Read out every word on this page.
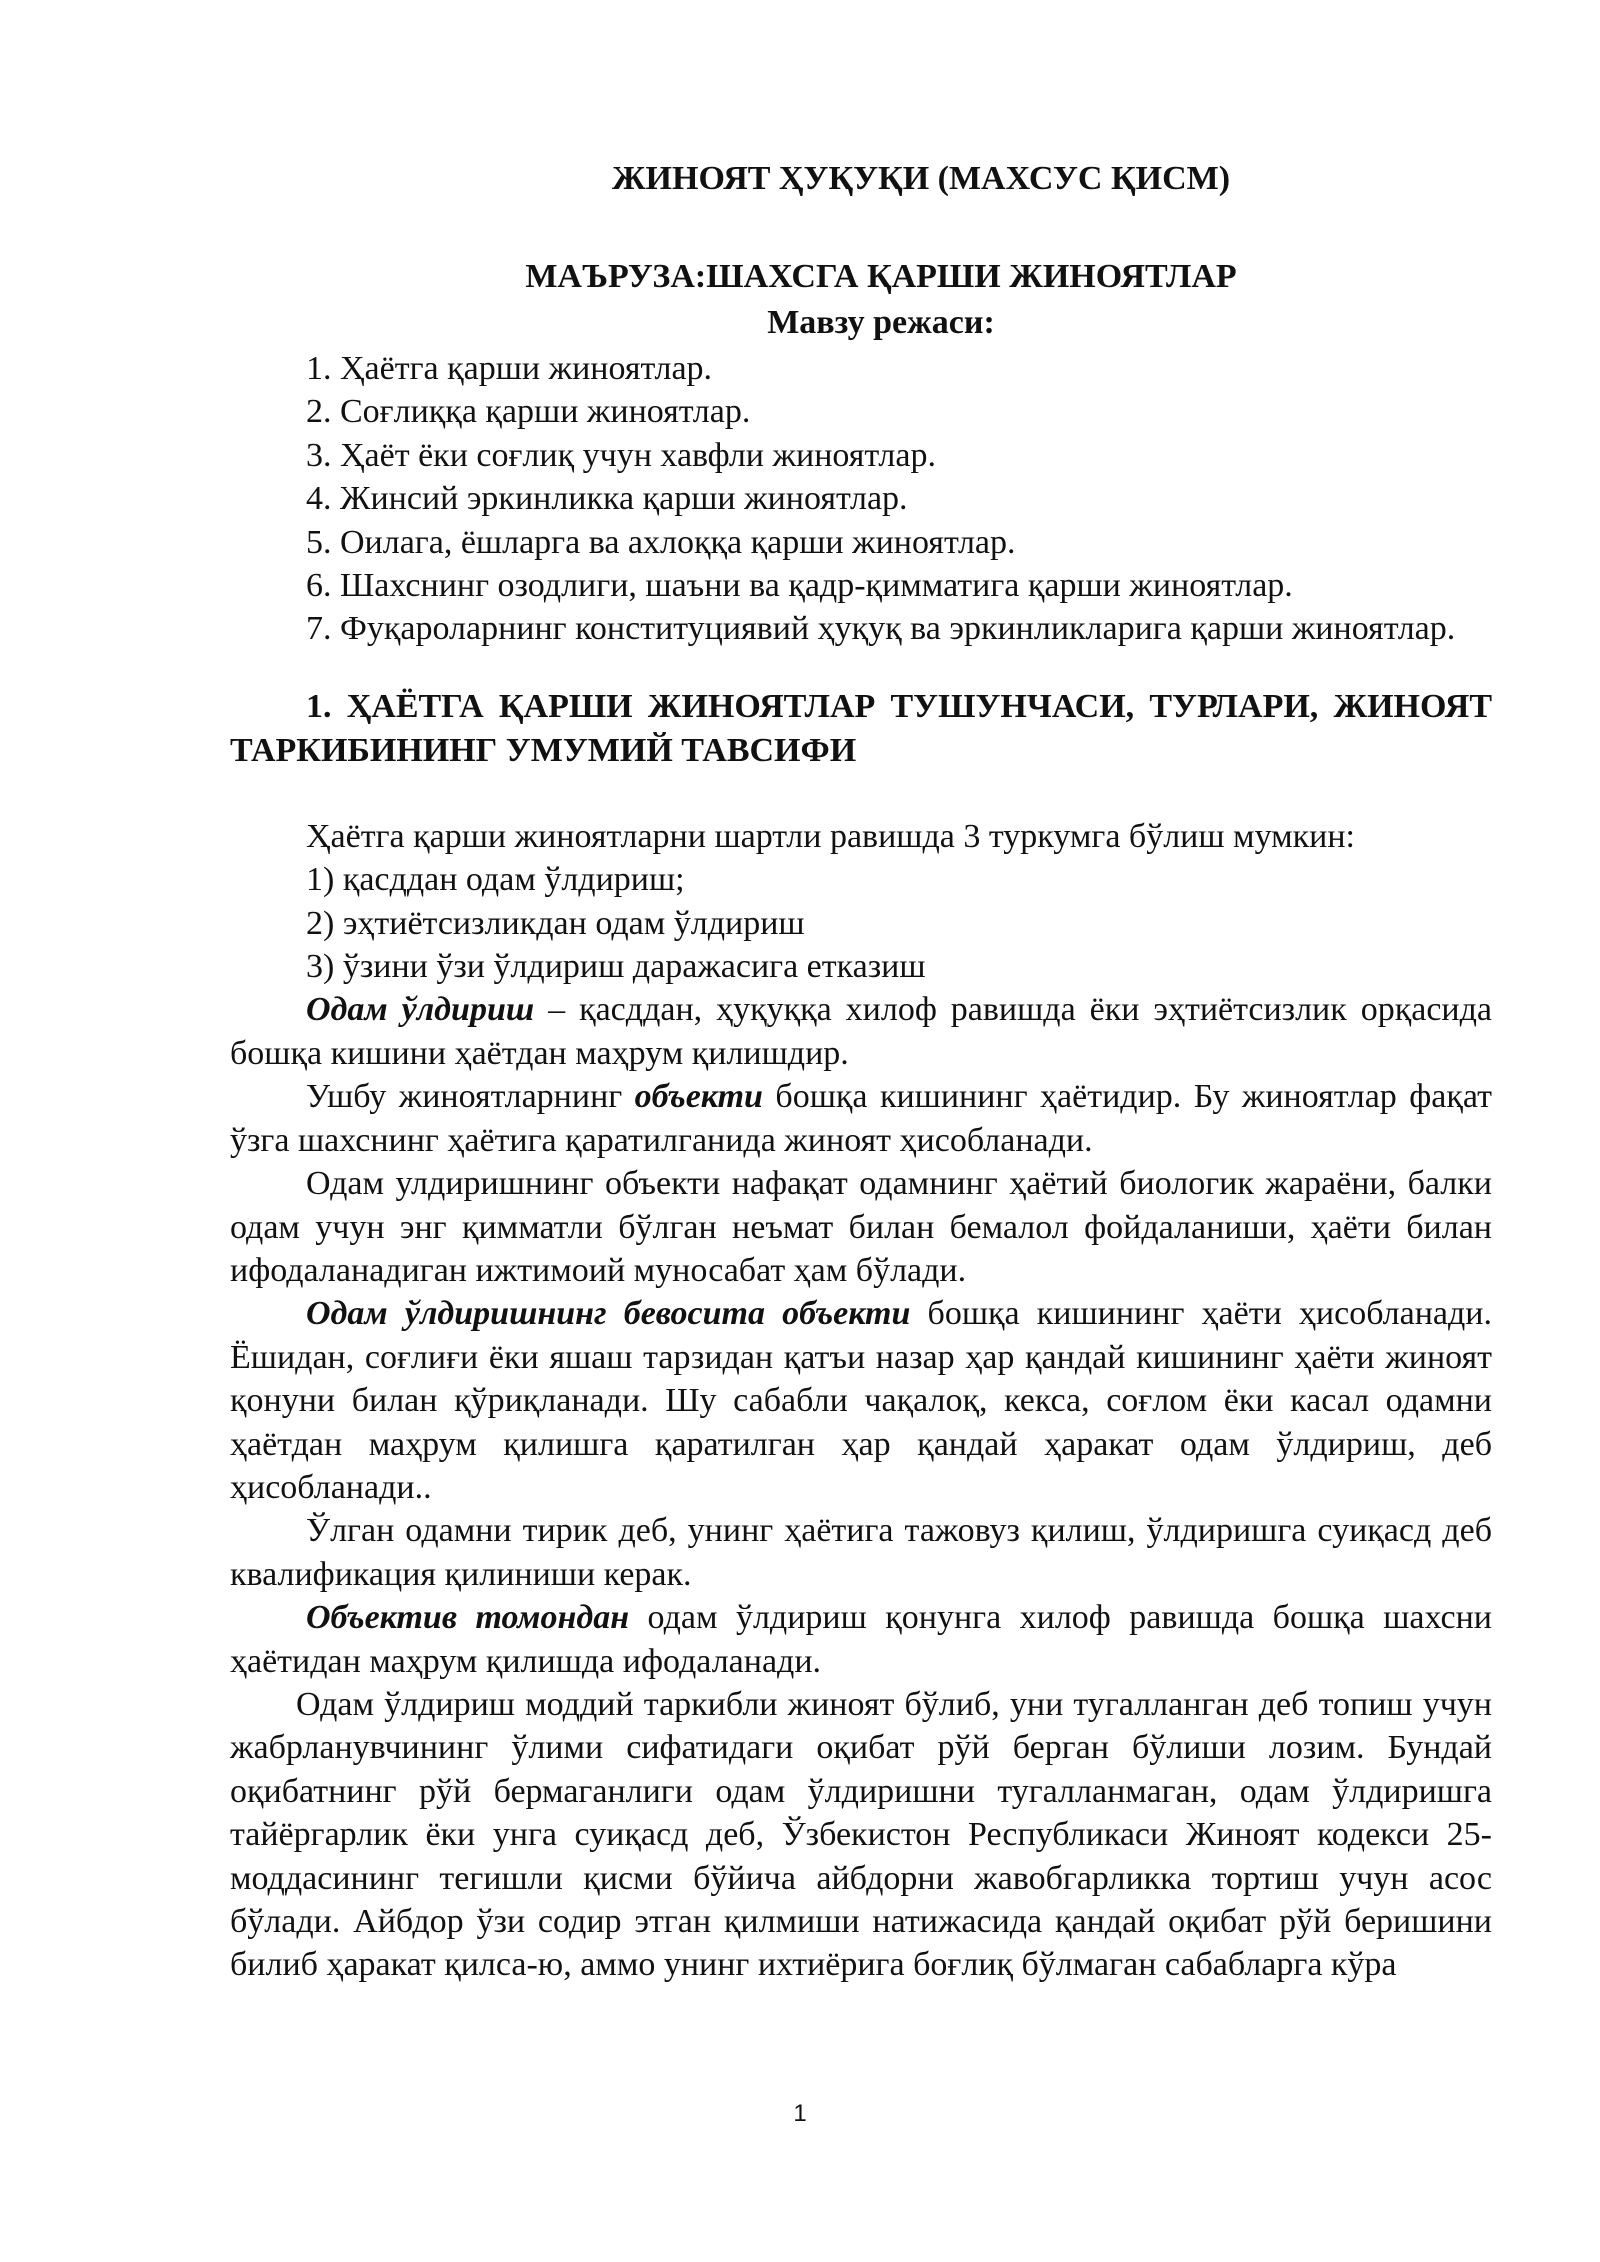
ЖИНОЯТ ҲУҚУҚИ (МАХСУС ҚИСМ)

МАЪРУЗА:ШАХСГА ҚАРШИ ЖИНОЯТЛАР

Мавзу режаси:

1. Ҳаётга қарши жиноятлар.
2. Соғлиққа қарши жиноятлар.
3. Ҳаёт ёки соғлиқ учун хавфли жиноятлар.
4. Жинсий эркинликка қарши жиноятлар.
5. Оилага, ёшларга ва ахлоққа қарши жиноятлар.
6. Шахснинг озодлиги, шаъни ва қадр-қимматига қарши жиноятлар.
7. Фуқароларнинг конституциявий ҳуқуқ ва эркинликларига қарши жиноятлар.

1. ҲАЁТГА ҚАРШИ ЖИНОЯТЛАР ТУШУНЧАСИ, ТУРЛАРИ, ЖИНОЯТ ТАРКИБИНИНГ УМУМИЙ ТАВСИФИ

Ҳаётга қарши жиноятларни шартли равишда 3 туркумга бўлиш мумкин:

1) қасддан одам ўлдириш;
2) эҳтиётсизликдан одам ўлдириш
3) ўзини ўзи ўлдириш даражасига етказиш

Одам ўлдириш – қасддан, ҳуқуққа хилоф равишда ёки эҳтиётсизлик орқасида бошқа кишини ҳаётдан маҳрум қилишдир.

Ушбу жиноятларнинг объекти бошқа кишининг ҳаётидир. Бу жиноятлар фақат ўзга шахснинг ҳаётига қаратилганида жиноят ҳисобланади.

Одам улдиришнинг объекти нафақат одамнинг ҳаётий биологик жараёни, балки одам учун энг қимматли бўлган неъмат билан бемалол фойдаланиши, ҳаёти билан ифодаланадиган ижтимоий муносабат ҳам бўлади.

Одам ўлдиришнинг бевосита объекти бошқа кишининг ҳаёти ҳисобланади. Ёшидан, соғлиғи ёки яшаш тарзидан қатъи назар ҳар қандай кишининг ҳаёти жиноят қонуни билан қўриқланади. Шу сабабли чақалоқ, кекса, соғлом ёки касал одамни ҳаётдан маҳрум қилишга қаратилган ҳар қандай ҳаракат одам ўлдириш, деб ҳисобланади..

Ўлган одамни тирик деб, унинг ҳаётига тажовуз қилиш, ўлдиришга суиқасд деб квалификация қилиниши керак.

Объектив томондан одам ўлдириш қонунга хилоф равишда бошқа шахсни ҳаётидан маҳрум қилишда ифодаланади.

Одам ўлдириш моддий таркибли жиноят бўлиб, уни тугалланган деб топиш учун жабрланувчининг ўлими сифатидаги оқибат рўй берган бўлиши лозим. Бундай оқибатнинг рўй бермаганлиги одам ўлдиришни тугалланмаган, одам ўлдиришга тайёргарлик ёки унга суиқасд деб, Ўзбекистон Республикаси Жиноят кодекси 25-моддасининг тегишли қисми бўйича айбдорни жавобгарликка тортиш учун асос бўлади. Айбдор ўзи содир этган қилмиши натижасида қандай оқибат рўй беришини билиб ҳаракат қилса-ю, аммо унинг ихтиёрига боғлиқ бўлмаган сабабларга кўра

1
